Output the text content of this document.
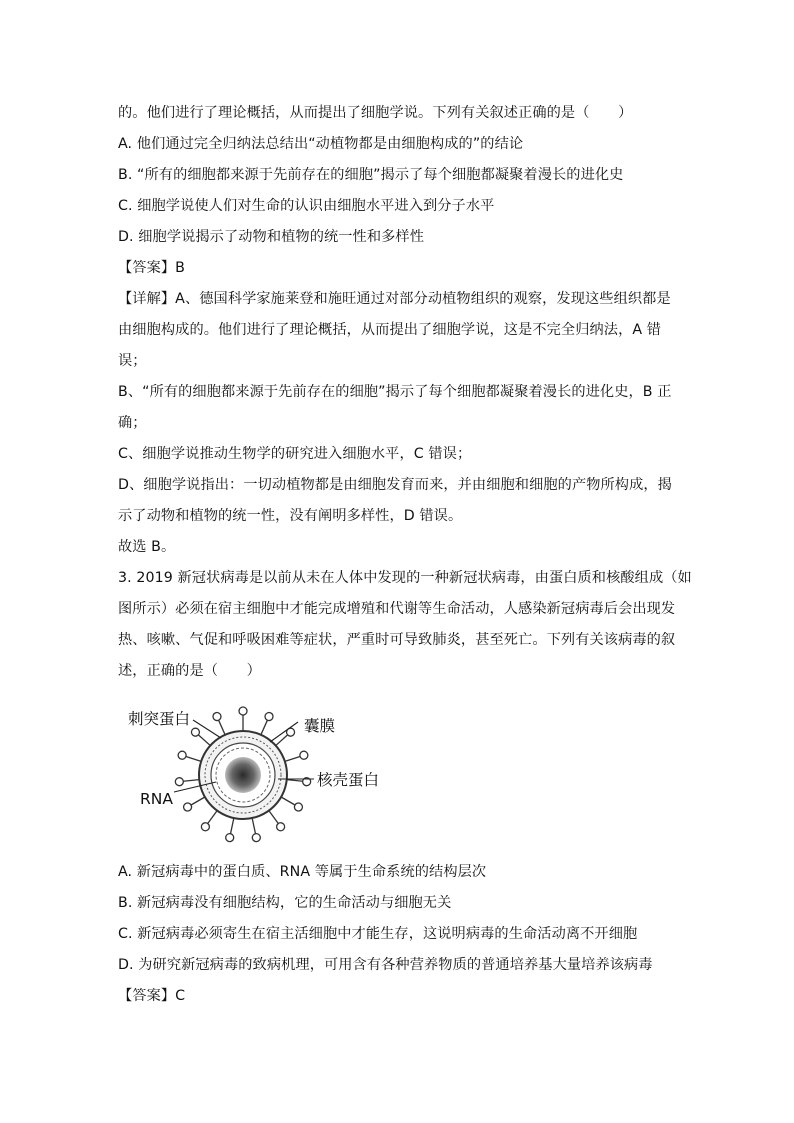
的。他们进行了理论概括，从而提出了细胞学说。下列有关叙述正确的是（　　）
A. 他们通过完全归纳法总结出“动植物都是由细胞构成的”的结论
B. “所有的细胞都来源于先前存在的细胞”揭示了每个细胞都凝聚着漫长的进化史
C. 细胞学说使人们对生命的认识由细胞水平进入到分子水平
D. 细胞学说揭示了动物和植物的统一性和多样性
【答案】B
【详解】A、德国科学家施莱登和施旺通过对部分动植物组织的观察，发现这些组织都是
由细胞构成的。他们进行了理论概括，从而提出了细胞学说，这是不完全归纳法，A 错
误；
B、“所有的细胞都来源于先前存在的细胞”揭示了每个细胞都凝聚着漫长的进化史，B 正
确；
C、细胞学说推动生物学的研究进入细胞水平，C 错误；
D、细胞学说指出：一切动植物都是由细胞发育而来，并由细胞和细胞的产物所构成，揭
示了动物和植物的统一性，没有阐明多样性，D 错误。
故选 B。
3. 2019 新冠状病毒是以前从未在人体中发现的一种新冠状病毒，由蛋白质和核酸组成（如
图所示）必须在宿主细胞中才能完成增殖和代谢等生命活动，人感染新冠病毒后会出现发
热、咳嗽、气促和呼吸困难等症状，严重时可导致肺炎，甚至死亡。下列有关该病毒的叙
述，正确的是（　　）
刺突蛋白	囊膜
核壳蛋白
RNA
A. 新冠病毒中的蛋白质、RNA 等属于生命系统的结构层次
B. 新冠病毒没有细胞结构，它的生命活动与细胞无关
C. 新冠病毒必须寄生在宿主活细胞中才能生存，这说明病毒的生命活动离不开细胞
D. 为研究新冠病毒的致病机理，可用含有各种营养物质的普通培养基大量培养该病毒
【答案】C
